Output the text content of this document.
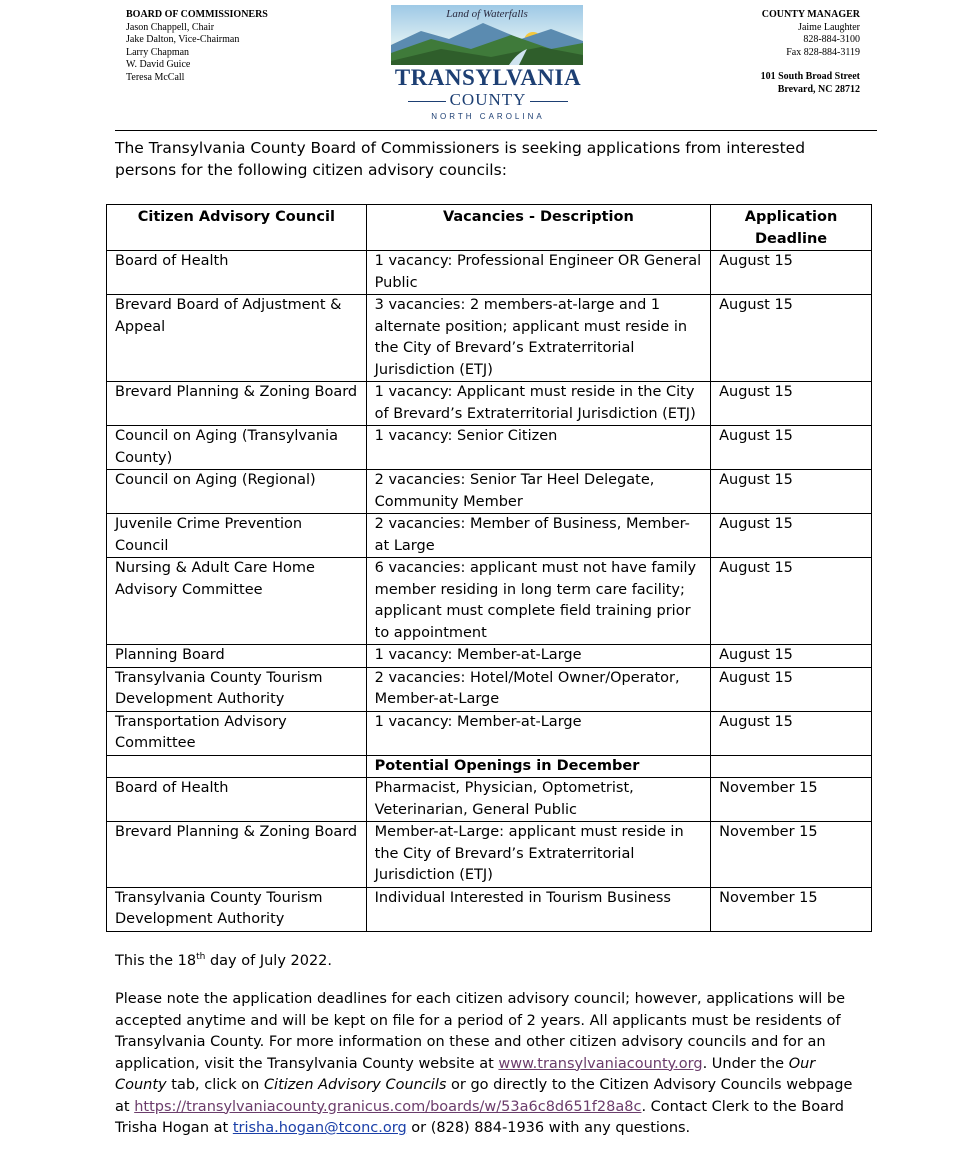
BOARD OF COMMISSIONERS
Jason Chappell, Chair
Jake Dalton, Vice-Chairman
Larry Chapman
W. David Guice
Teresa McCall
Land of Waterfalls
TRANSYLVANIA
COUNTY
NORTH CAROLINA
COUNTY MANAGER
Jaime Laughter
828-884-3100
Fax 828-884-3119
101 South Broad Street
Brevard, NC 28712
The Transylvania County Board of Commissioners is seeking applications from interested persons for the following citizen advisory councils:
Citizen Advisory Council	Vacancies - Description	Application Deadline
Board of Health	1 vacancy: Professional Engineer OR General Public	August 15
Brevard Board of Adjustment & Appeal	3 vacancies: 2 members-at-large and 1 alternate position; applicant must reside in the City of Brevard’s Extraterritorial Jurisdiction (ETJ)	August 15
Brevard Planning & Zoning Board	1 vacancy: Applicant must reside in the City of Brevard’s Extraterritorial Jurisdiction (ETJ)	August 15
Council on Aging (Transylvania County)	1 vacancy: Senior Citizen	August 15
Council on Aging (Regional)	2 vacancies: Senior Tar Heel Delegate, Community Member	August 15
Juvenile Crime Prevention Council	2 vacancies: Member of Business, Member-at Large	August 15
Nursing & Adult Care Home Advisory Committee	6 vacancies: applicant must not have family member residing in long term care facility; applicant must complete field training prior to appointment	August 15
Planning Board	1 vacancy: Member-at-Large	August 15
Transylvania County Tourism Development Authority	2 vacancies: Hotel/Motel Owner/Operator, Member-at-Large	August 15
Transportation Advisory Committee	1 vacancy: Member-at-Large	August 15
	Potential Openings in December	
Board of Health	Pharmacist, Physician, Optometrist, Veterinarian, General Public	November 15
Brevard Planning & Zoning Board	Member-at-Large: applicant must reside in the City of Brevard’s Extraterritorial Jurisdiction (ETJ)	November 15
Transylvania County Tourism Development Authority	Individual Interested in Tourism Business	November 15
This the 18th day of July 2022.
Please note the application deadlines for each citizen advisory council; however, applications will be accepted anytime and will be kept on file for a period of 2 years. All applicants must be residents of Transylvania County. For more information on these and other citizen advisory councils and for an application, visit the Transylvania County website at www.transylvaniacounty.org. Under the Our County tab, click on Citizen Advisory Councils or go directly to the Citizen Advisory Councils webpage at https://transylvaniacounty.granicus.com/boards/w/53a6c8d651f28a8c. Contact Clerk to the Board Trisha Hogan at trisha.hogan@tconc.org or (828) 884-1936 with any questions.
